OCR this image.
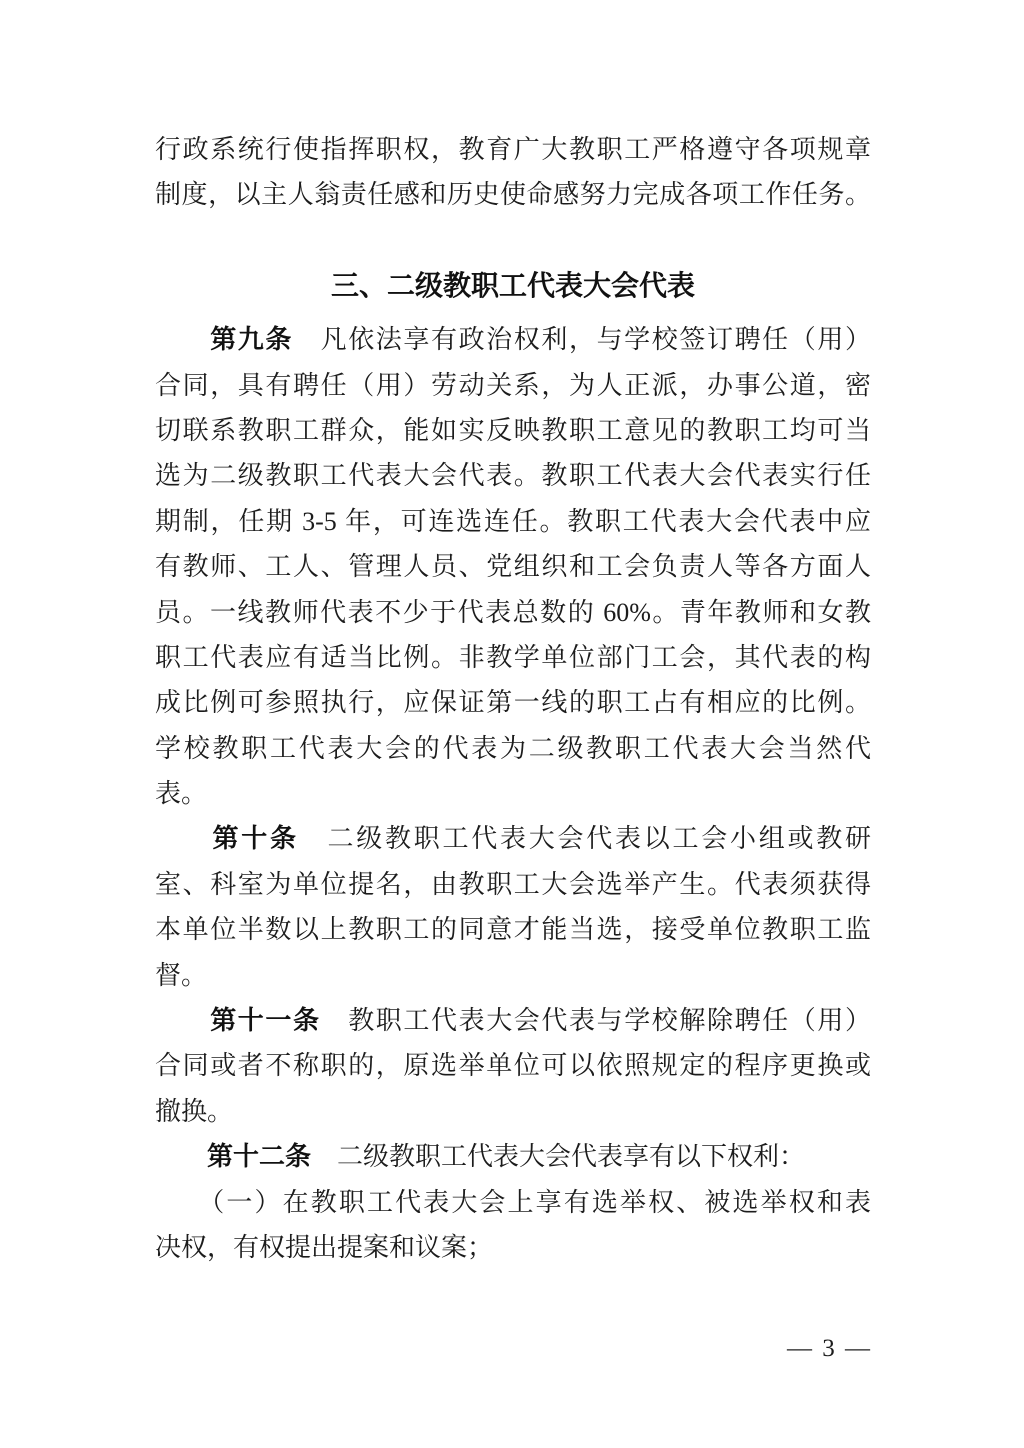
行政系统行使指挥职权，教育广大教职工严格遵守各项规章
制度，以主人翁责任感和历史使命感努力完成各项工作任务。
三、二级教职工代表大会代表
　　第九条　凡依法享有政治权利，与学校签订聘任（用）
合同，具有聘任（用）劳动关系，为人正派，办事公道，密
切联系教职工群众，能如实反映教职工意见的教职工均可当
选为二级教职工代表大会代表。教职工代表大会代表实行任
期制，任期 3-5 年，可连选连任。教职工代表大会代表中应
有教师、工人、管理人员、党组织和工会负责人等各方面人
员。一线教师代表不少于代表总数的 60%。青年教师和女教
职工代表应有适当比例。非教学单位部门工会，其代表的构
成比例可参照执行，应保证第一线的职工占有相应的比例。
学校教职工代表大会的代表为二级教职工代表大会当然代
表。
　　第十条　二级教职工代表大会代表以工会小组或教研
室、科室为单位提名，由教职工大会选举产生。代表须获得
本单位半数以上教职工的同意才能当选，接受单位教职工监
督。
　　第十一条　教职工代表大会代表与学校解除聘任（用）
合同或者不称职的，原选举单位可以依照规定的程序更换或
撤换。
　　第十二条　二级教职工代表大会代表享有以下权利：
　　（一）在教职工代表大会上享有选举权、被选举权和表
决权，有权提出提案和议案；
— 3 —
